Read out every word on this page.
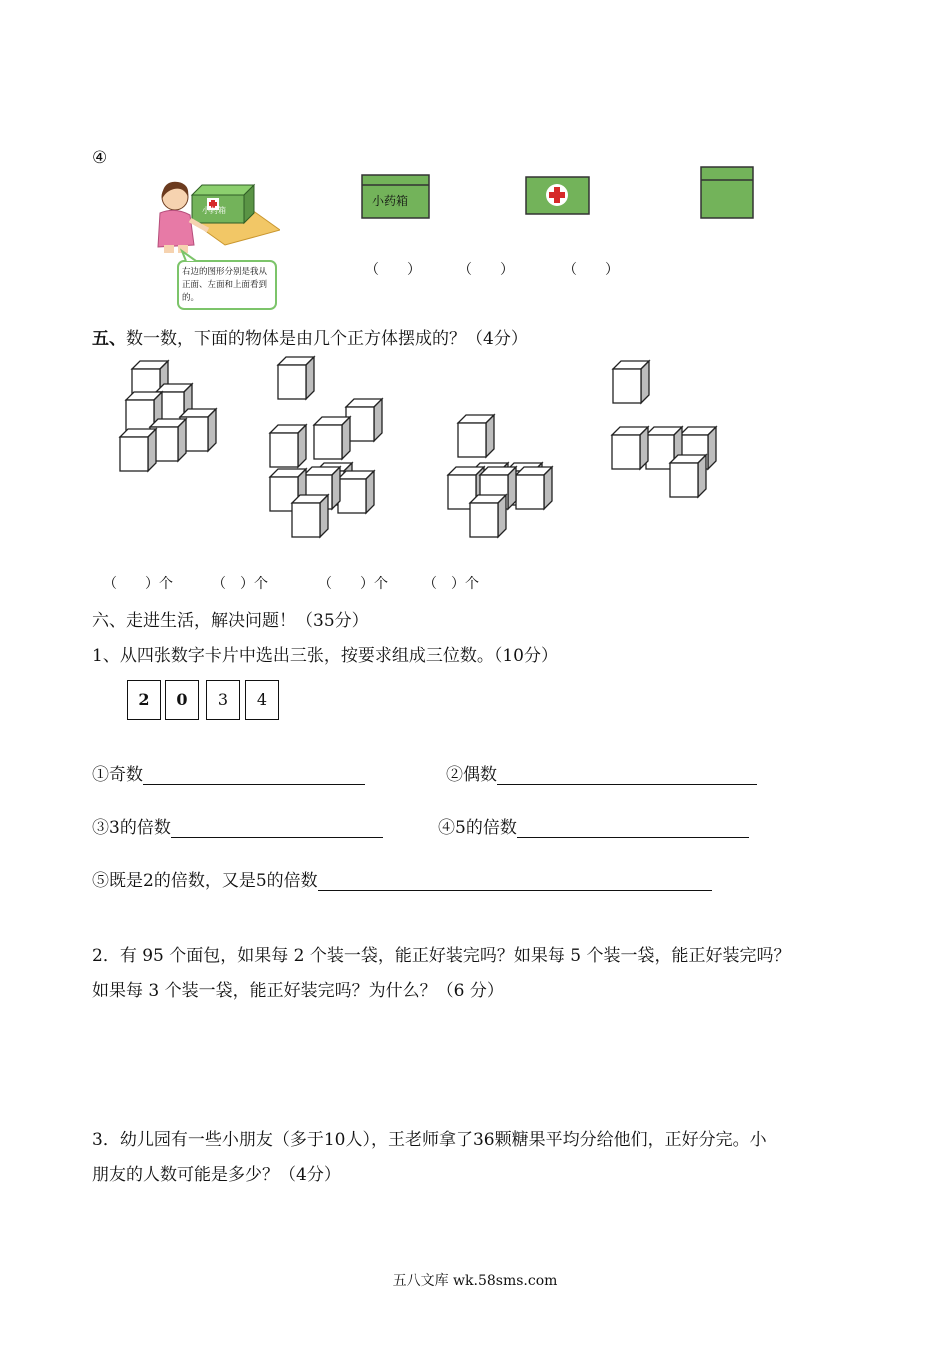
④
小药箱
右边的图形分别是我从正面、左面和上面看到的。
小药箱
（　　）	（　　）	（　　）
五、数一数，下面的物体是由几个正方体摆成的？（4分）
（　　）个	（　）个	（　　）个	（　）个
六、走进生活，解决问题！（35分）
1、从四张数字卡片中选出三张，按要求组成三位数。（10分）
2	0	3	4
①奇数	②偶数
③3的倍数	④5的倍数
⑤既是2的倍数，又是5的倍数
2．有 95 个面包，如果每 2 个装一袋，能正好装完吗？如果每 5 个装一袋，能正好装完吗？
如果每 3 个装一袋，能正好装完吗？为什么？（6 分）
3．幼儿园有一些小朋友（多于10人），王老师拿了36颗糖果平均分给他们，正好分完。小
朋友的人数可能是多少？（4分）
五八文库 wk.58sms.com
